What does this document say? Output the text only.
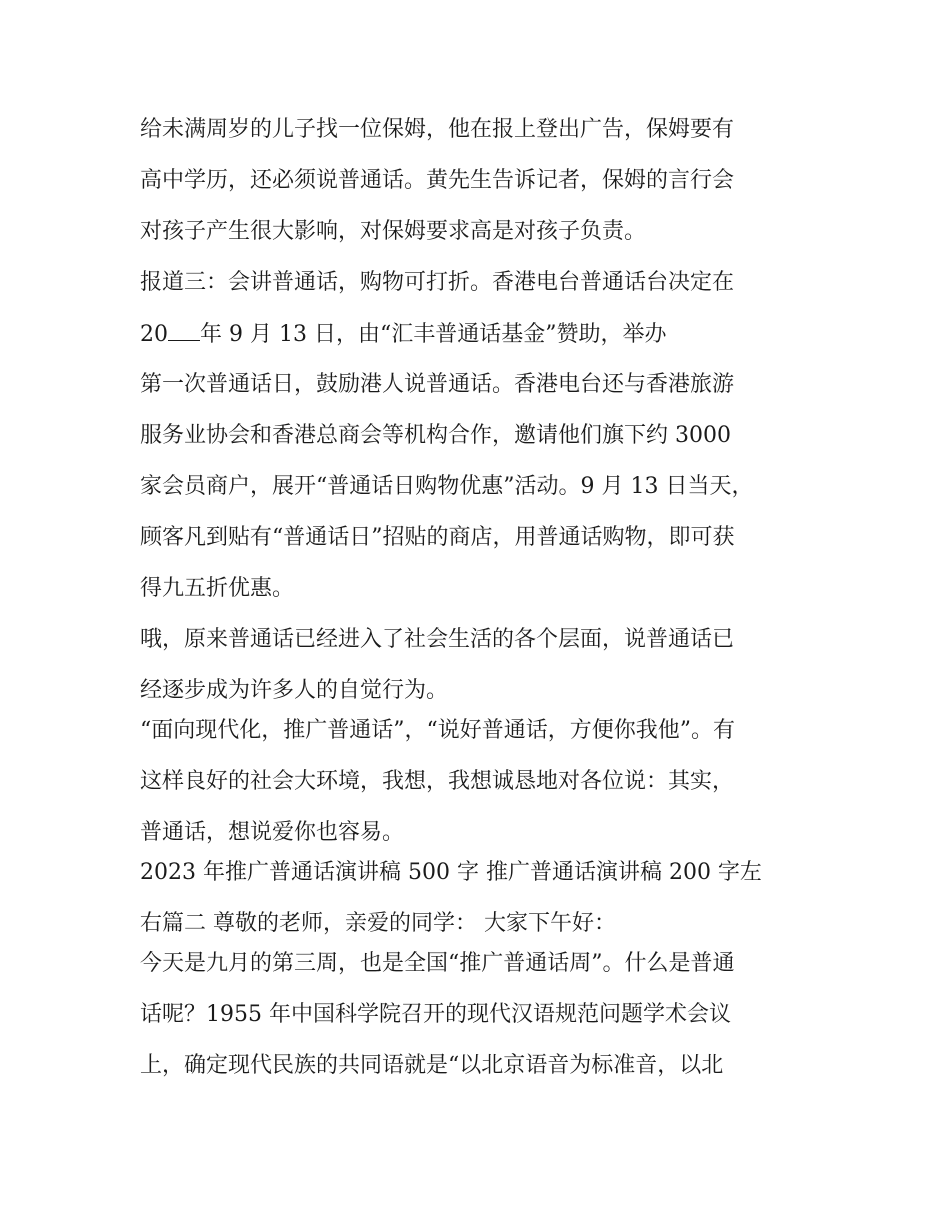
给未满周岁的儿子找一位保姆，他在报上登出广告，保姆要有
高中学历，还必须说普通话。黄先生告诉记者，保姆的言行会
对孩子产生很大影响，对保姆要求高是对孩子负责。
报道三：会讲普通话，购物可打折。香港电台普通话台决定在
20 年 9 月 13 日，由“汇丰普通话基金”赞助，举办
第一次普通话日，鼓励港人说普通话。香港电台还与香港旅游
服务业协会和香港总商会等机构合作，邀请他们旗下约 3000
家会员商户，展开“普通话日购物优惠”活动。9 月 13 日当天，
顾客凡到贴有“普通话日”招贴的商店，用普通话购物，即可获
得九五折优惠。
哦，原来普通话已经进入了社会生活的各个层面，说普通话已
经逐步成为许多人的自觉行为。
“面向现代化，推广普通话”，“说好普通话，方便你我他”。有
这样良好的社会大环境，我想，我想诚恳地对各位说：其实，
普通话，想说爱你也容易。
2023 年推广普通话演讲稿 500 字 推广普通话演讲稿 200 字左
右篇二 尊敬的老师，亲爱的同学： 大家下午好：
今天是九月的第三周，也是全国“推广普通话周”。什么是普通
话呢？1955 年中国科学院召开的现代汉语规范问题学术会议
上，确定现代民族的共同语就是“以北京语音为标准音，以北
